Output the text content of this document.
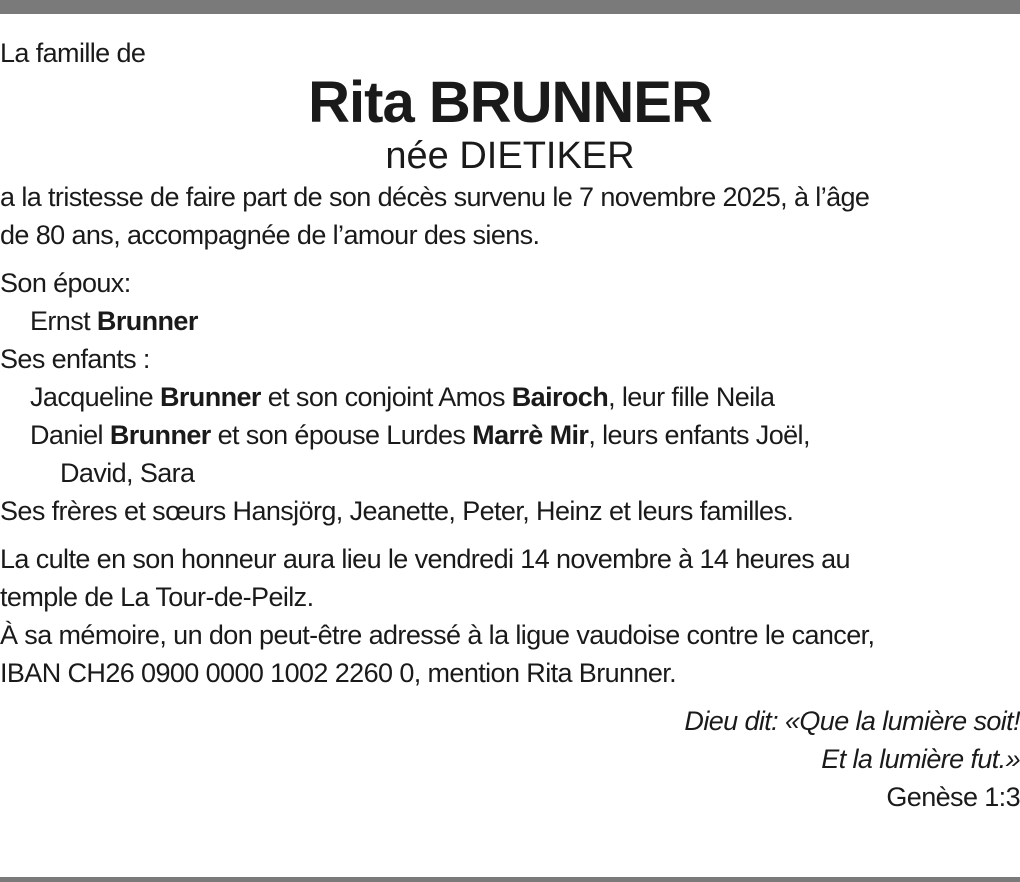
La famille de

Rita BRUNNER

née DIETIKER

a la tristesse de faire part de son décès survenu le 7 novembre 2025, à l’âge

de 80 ans, accompagnée de l’amour des siens.

Son époux:

Ernst Brunner

Ses enfants :

Jacqueline Brunner et son conjoint Amos Bairoch, leur fille Neila

Daniel Brunner et son épouse Lurdes Marrè Mir, leurs enfants Joël,

David, Sara

Ses frères et sœurs Hansjörg, Jeanette, Peter, Heinz et leurs familles.

La culte en son honneur aura lieu le vendredi 14 novembre à 14 heures au

temple de La Tour-de-Peilz.

À sa mémoire, un don peut-être adressé à la ligue vaudoise contre le cancer,

IBAN CH26 0900 0000 1002 2260 0, mention Rita Brunner.

Dieu dit: «Que la lumière soit!

Et la lumière fut.»

Genèse 1:3
